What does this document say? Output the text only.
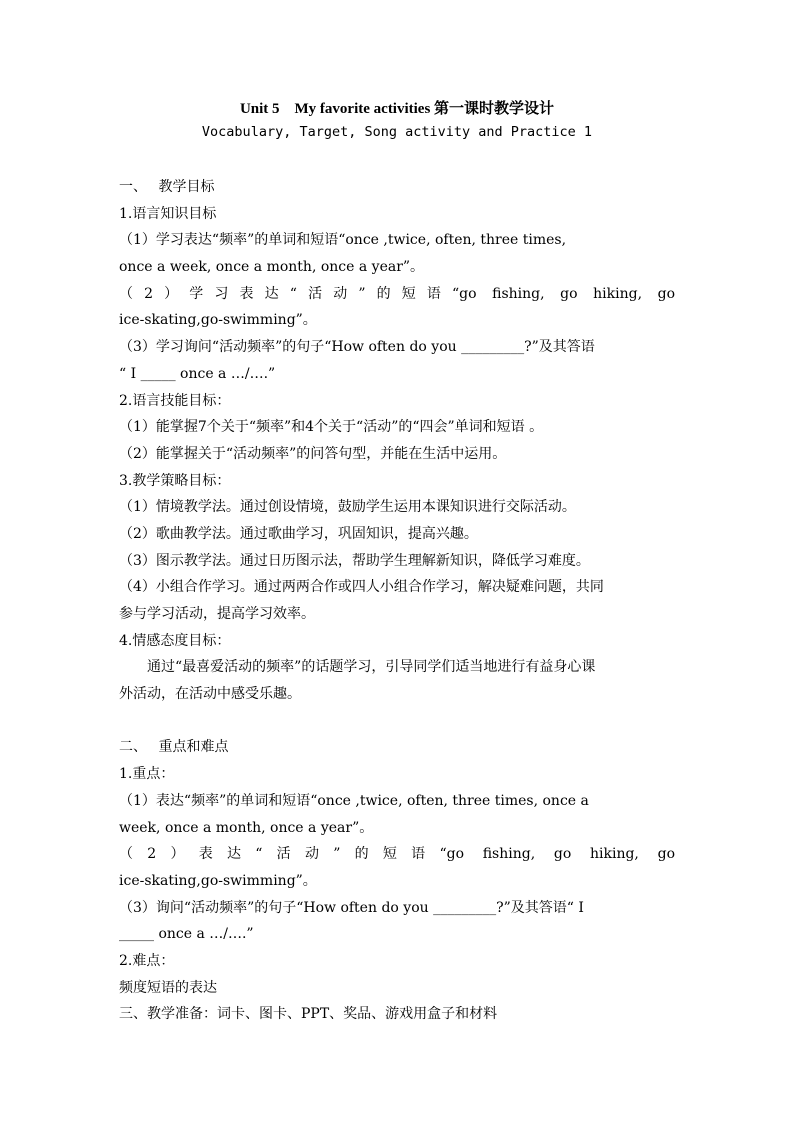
Unit 5　My favorite activities 第一课时教学设计
Vocabulary, Target, Song activity and Practice 1
一、　 教学目标
1.语言知识目标
（1）学习表达“频率”的单词和短语“once ,twice, often, three times,
once a week, once a month, once a year”。
（2）学习表达“活动”的短语“go fishing, go hiking, go
ice-skating,go-swimming”。
（3）学习询问“活动频率”的句子“How often do you _________?”及其答语
“ I _____ once a …/….”
2.语言技能目标：
（1）能掌握7个关于“频率”和4个关于“活动”的“四会”单词和短语 。
（2）能掌握关于“活动频率”的问答句型，并能在生活中运用。
3.教学策略目标：
（1）情境教学法。通过创设情境，鼓励学生运用本课知识进行交际活动。
（2）歌曲教学法。通过歌曲学习，巩固知识，提高兴趣。
（3）图示教学法。通过日历图示法，帮助学生理解新知识，降低学习难度。
（4）小组合作学习。通过两两合作或四人小组合作学习，解决疑难问题，共同
参与学习活动，提高学习效率。
4.情感态度目标：
通过“最喜爱活动的频率”的话题学习，引导同学们适当地进行有益身心课
外活动，在活动中感受乐趣。
二、　 重点和难点
1.重点：
（1）表达“频率”的单词和短语“once ,twice, often, three times, once a
week, once a month, once a year”。
（2）表达“活动”的短语“go fishing, go hiking, go
ice-skating,go-swimming”。
（3）询问“活动频率”的句子“How often do you _________?”及其答语“ I
_____ once a …/….”
2.难点：
频度短语的表达
三、教学准备：词卡、图卡、PPT、奖品、游戏用盒子和材料
